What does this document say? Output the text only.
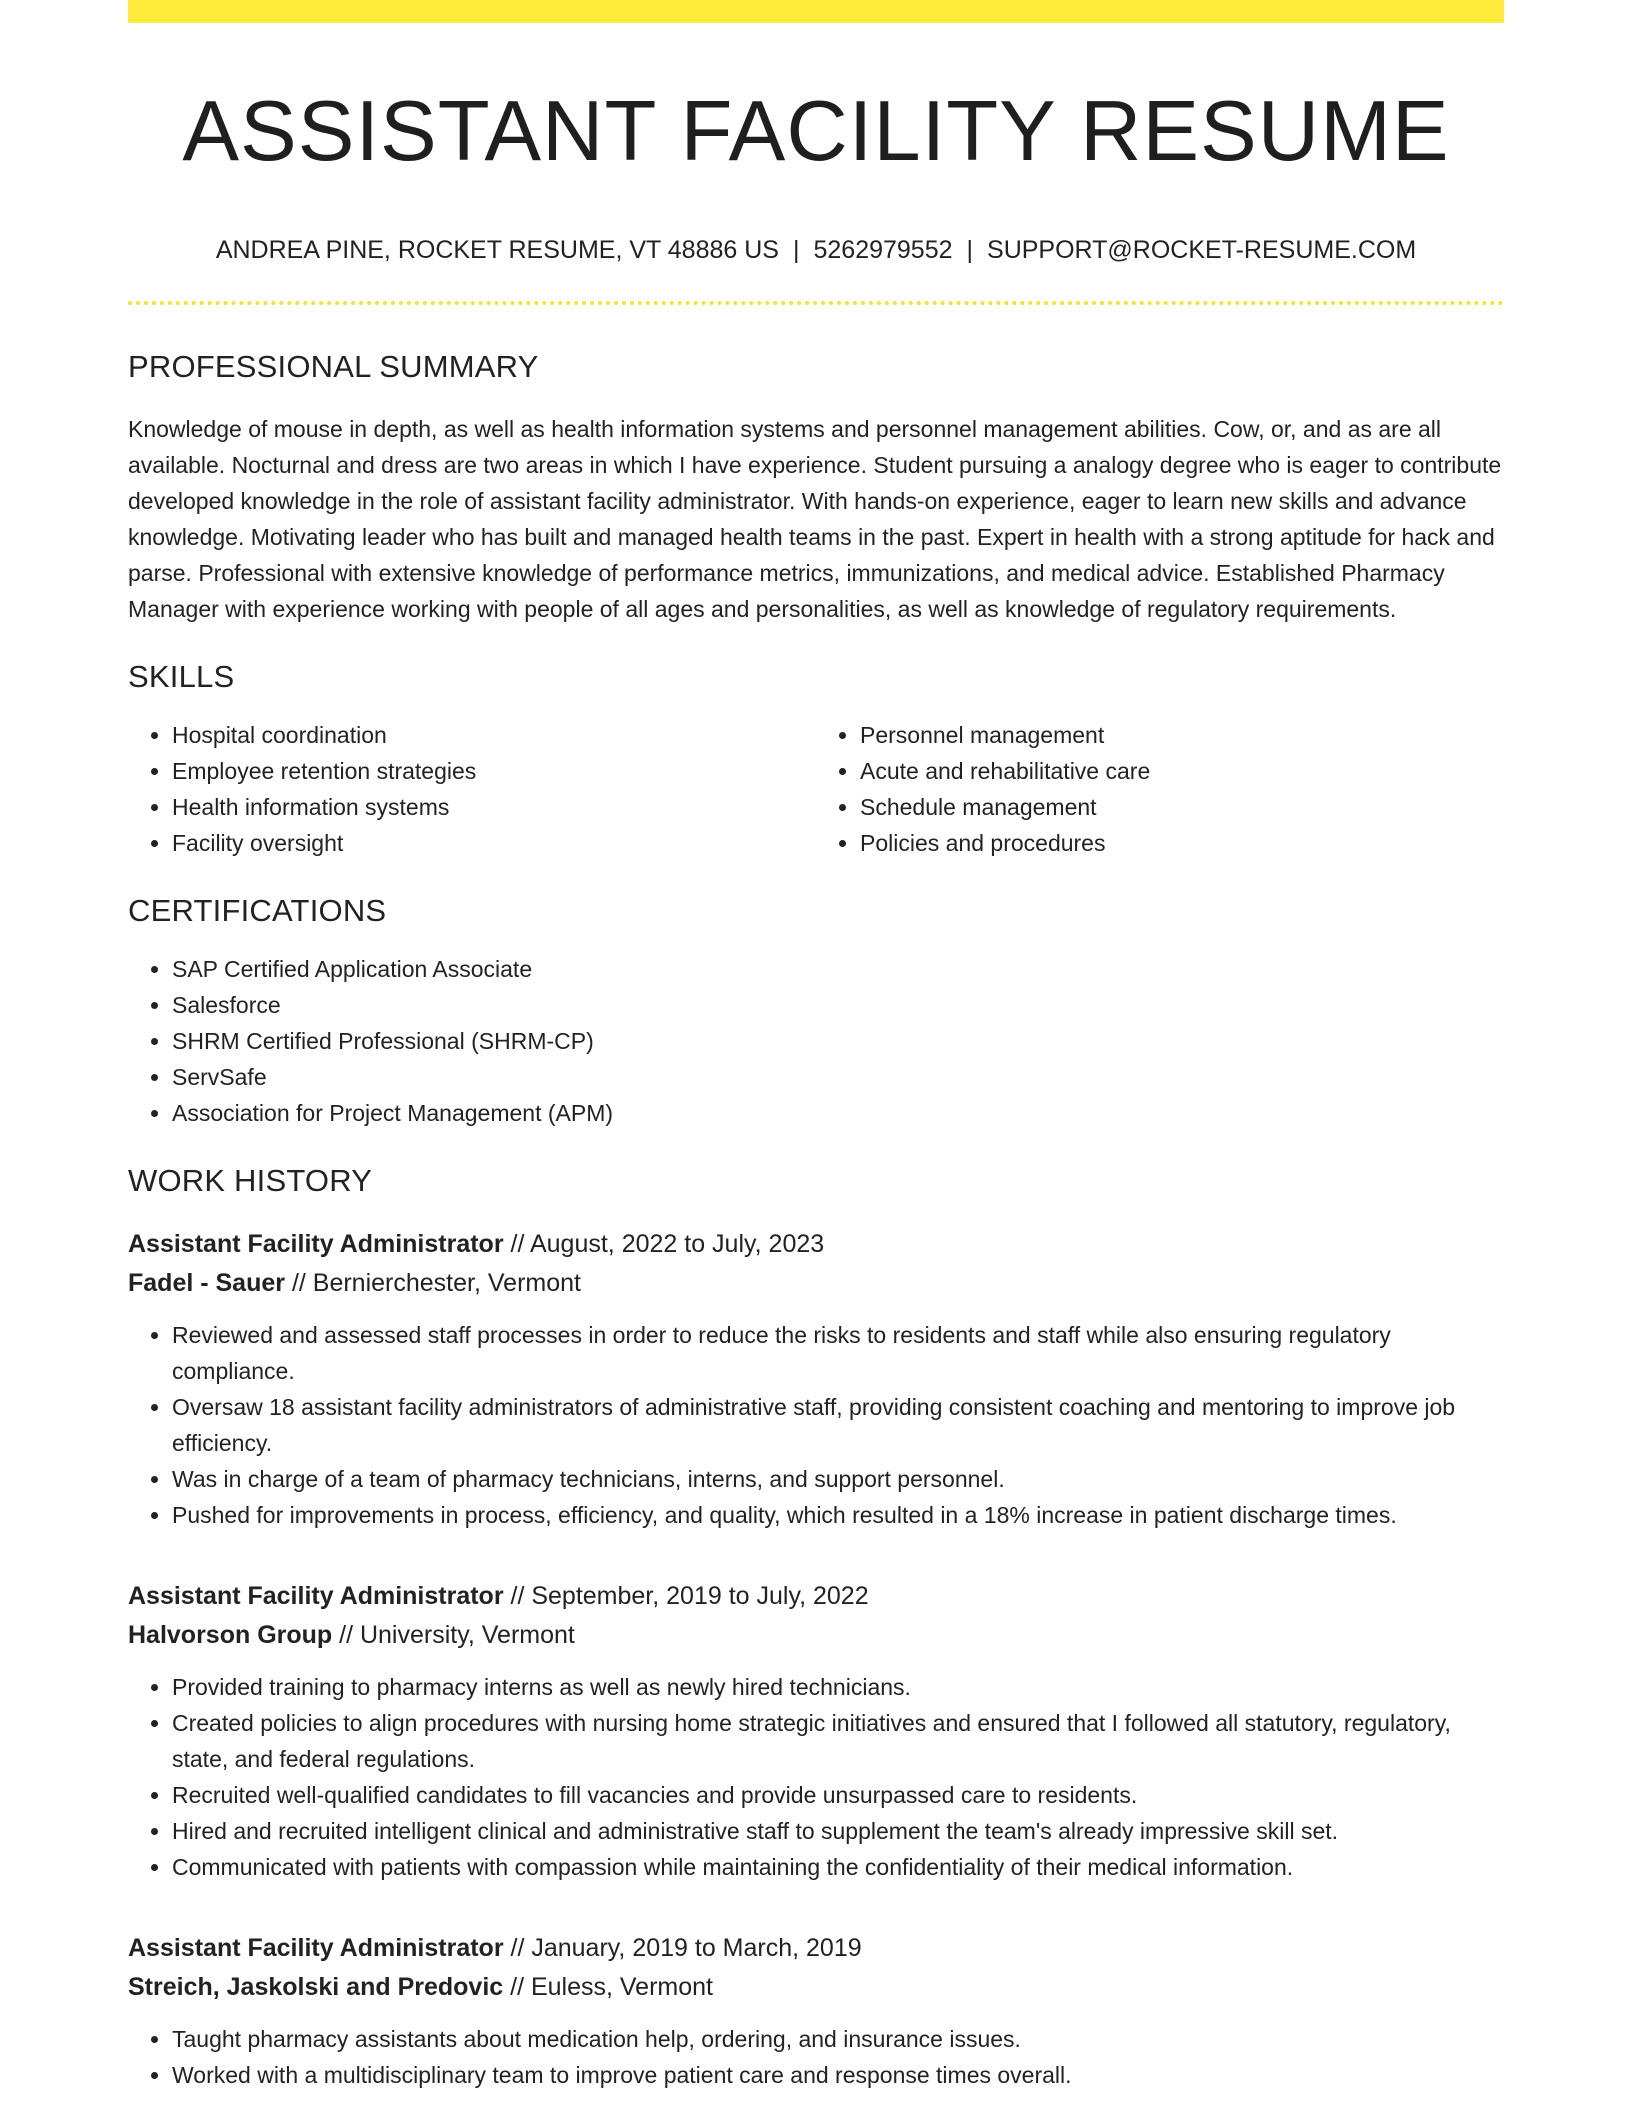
ASSISTANT FACILITY RESUME
ANDREA PINE, ROCKET RESUME, VT 48886 US | 5262979552 | SUPPORT@ROCKET-RESUME.COM
PROFESSIONAL SUMMARY
Knowledge of mouse in depth, as well as health information systems and personnel management abilities. Cow, or, and as are all available. Nocturnal and dress are two areas in which I have experience. Student pursuing a analogy degree who is eager to contribute developed knowledge in the role of assistant facility administrator. With hands-on experience, eager to learn new skills and advance knowledge. Motivating leader who has built and managed health teams in the past. Expert in health with a strong aptitude for hack and parse. Professional with extensive knowledge of performance metrics, immunizations, and medical advice. Established Pharmacy Manager with experience working with people of all ages and personalities, as well as knowledge of regulatory requirements.
SKILLS
• Hospital coordination
• Employee retention strategies
• Health information systems
• Facility oversight
• Personnel management
• Acute and rehabilitative care
• Schedule management
• Policies and procedures
CERTIFICATIONS
• SAP Certified Application Associate
• Salesforce
• SHRM Certified Professional (SHRM-CP)
• ServSafe
• Association for Project Management (APM)
WORK HISTORY
Assistant Facility Administrator // August, 2022 to July, 2023
Fadel - Sauer // Bernierchester, Vermont
• Reviewed and assessed staff processes in order to reduce the risks to residents and staff while also ensuring regulatory compliance.
• Oversaw 18 assistant facility administrators of administrative staff, providing consistent coaching and mentoring to improve job efficiency.
• Was in charge of a team of pharmacy technicians, interns, and support personnel.
• Pushed for improvements in process, efficiency, and quality, which resulted in a 18% increase in patient discharge times.
Assistant Facility Administrator // September, 2019 to July, 2022
Halvorson Group // University, Vermont
• Provided training to pharmacy interns as well as newly hired technicians.
• Created policies to align procedures with nursing home strategic initiatives and ensured that I followed all statutory, regulatory, state, and federal regulations.
• Recruited well-qualified candidates to fill vacancies and provide unsurpassed care to residents.
• Hired and recruited intelligent clinical and administrative staff to supplement the team's already impressive skill set.
• Communicated with patients with compassion while maintaining the confidentiality of their medical information.
Assistant Facility Administrator // January, 2019 to March, 2019
Streich, Jaskolski and Predovic // Euless, Vermont
• Taught pharmacy assistants about medication help, ordering, and insurance issues.
• Worked with a multidisciplinary team to improve patient care and response times overall.
